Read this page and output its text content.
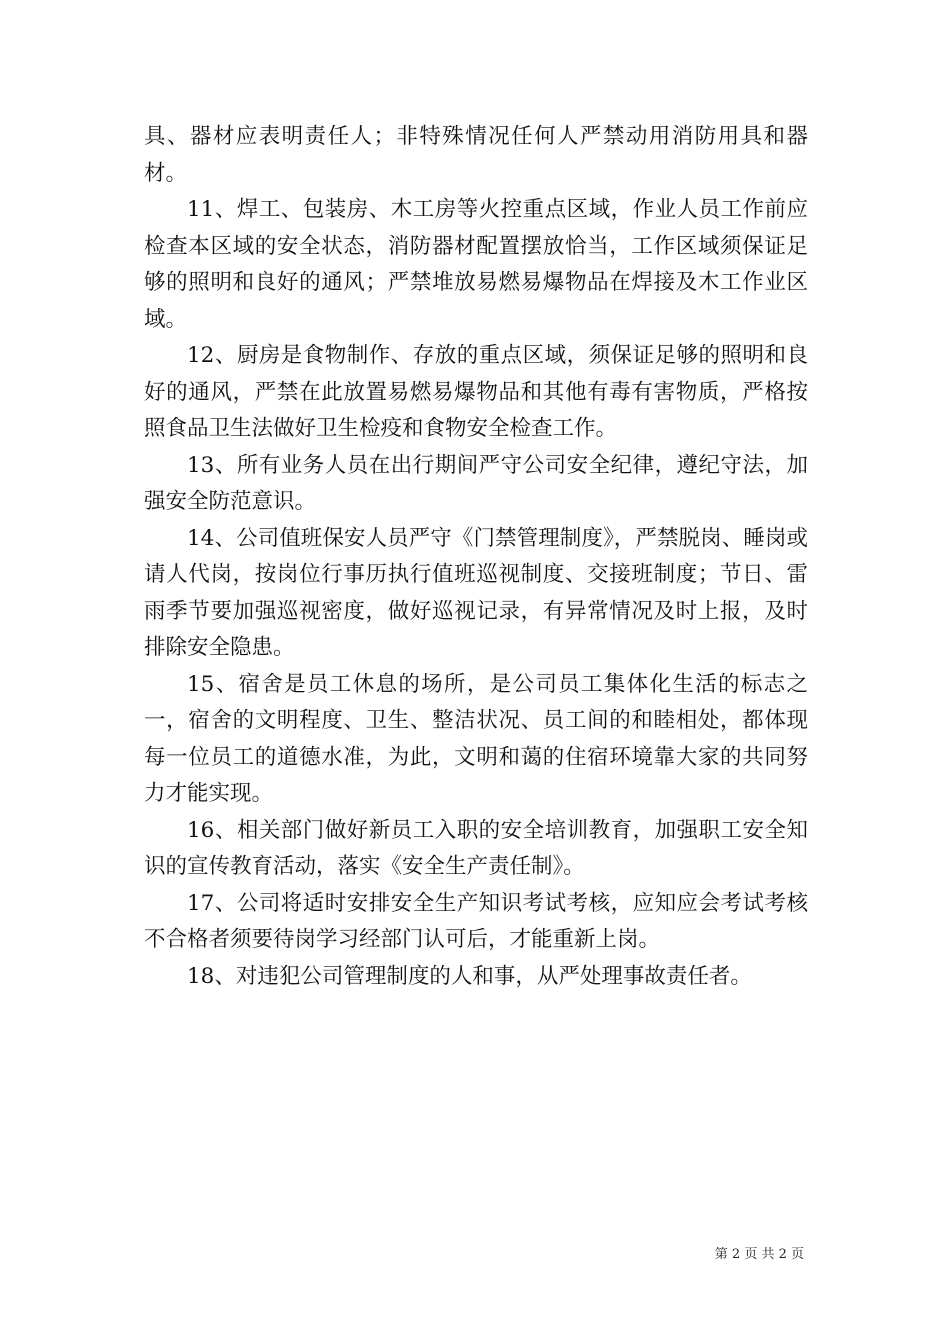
具、器材应表明责任人；非特殊情况任何人严禁动用消防用具和器材。

11、焊工、包装房、木工房等火控重点区域，作业人员工作前应检查本区域的安全状态，消防器材配置摆放恰当，工作区域须保证足够的照明和良好的通风；严禁堆放易燃易爆物品在焊接及木工作业区域。

12、厨房是食物制作、存放的重点区域，须保证足够的照明和良好的通风，严禁在此放置易燃易爆物品和其他有毒有害物质，严格按照食品卫生法做好卫生检疫和食物安全检查工作。

13、所有业务人员在出行期间严守公司安全纪律，遵纪守法，加强安全防范意识。

14、公司值班保安人员严守《门禁管理制度》，严禁脱岗、睡岗或请人代岗，按岗位行事历执行值班巡视制度、交接班制度；节日、雷雨季节要加强巡视密度，做好巡视记录，有异常情况及时上报，及时排除安全隐患。

15、宿舍是员工休息的场所，是公司员工集体化生活的标志之一，宿舍的文明程度、卫生、整洁状况、员工间的和睦相处，都体现每一位员工的道德水准，为此，文明和蔼的住宿环境靠大家的共同努力才能实现。

16、相关部门做好新员工入职的安全培训教育，加强职工安全知识的宣传教育活动，落实《安全生产责任制》。

17、公司将适时安排安全生产知识考试考核，应知应会考试考核不合格者须要待岗学习经部门认可后，才能重新上岗。

18、对违犯公司管理制度的人和事，从严处理事故责任者。

第 2 页 共 2 页
